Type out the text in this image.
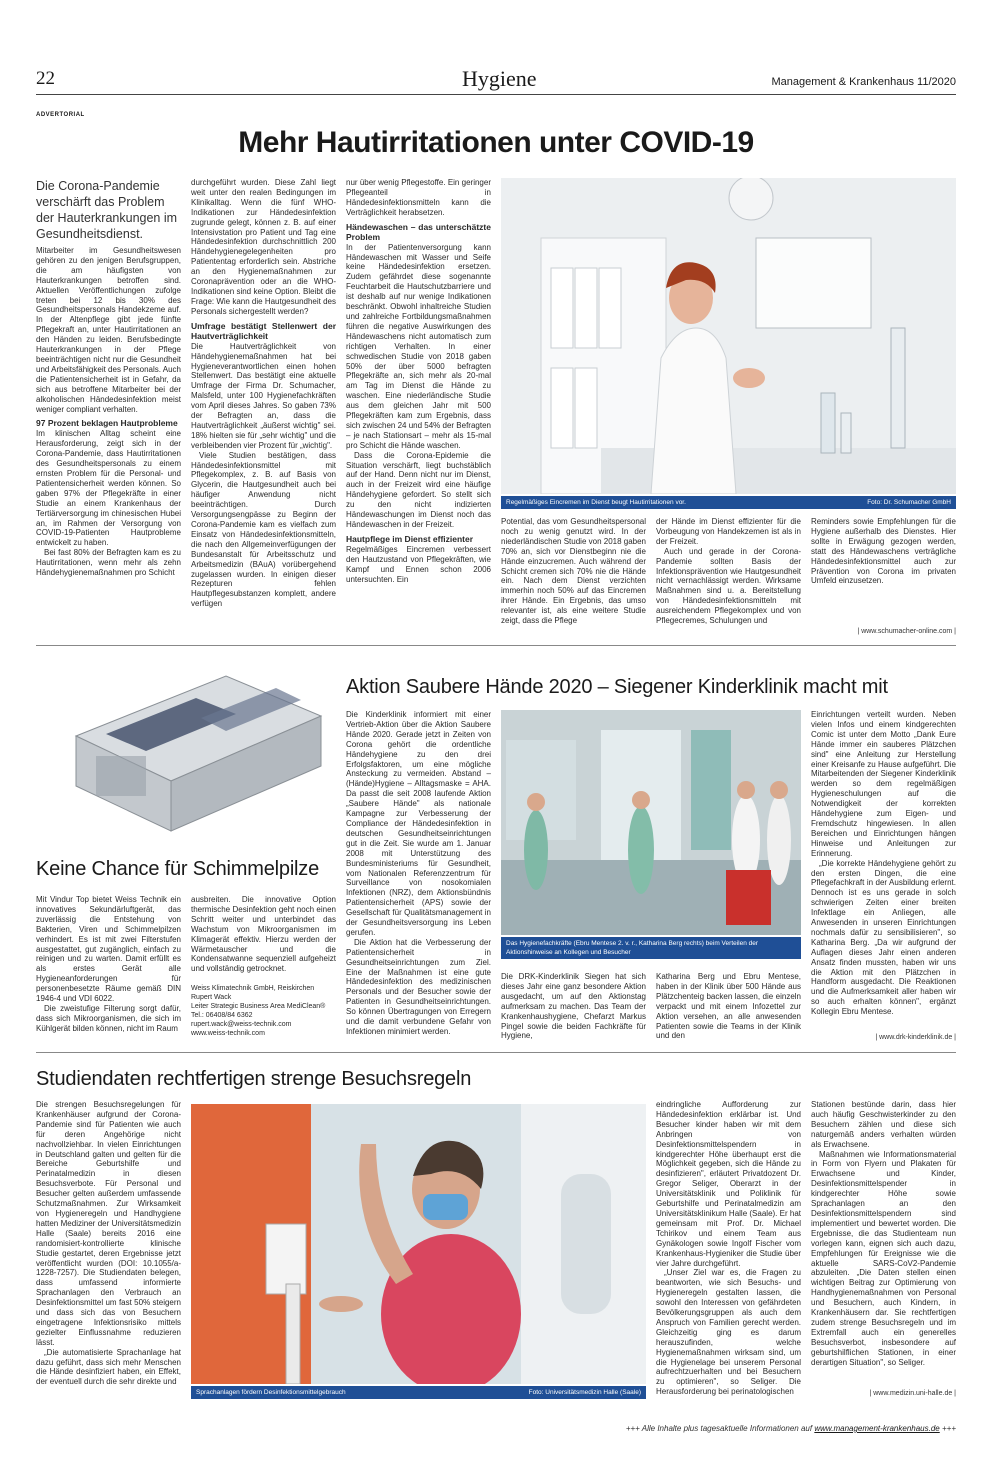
22	Hygiene	Management & Krankenhaus 11/2020
ADVERTORIAL
Mehr Hautirritationen unter COVID-19
Die Corona-Pandemie verschärft das Problem der Hauterkrankungen im Gesundheitsdienst.

Mitarbeiter im Gesundheitswesen gehören zu den jenigen Berufsgruppen, die am häufigsten von Hauterkrankungen betroffen sind. Aktuellen Veröffentlichungen zufolge treten bei 12 bis 30% des Gesundheitspersonals Handekzeme auf. In der Altenpflege gibt jede fünfte Pflegekraft an, unter Hautirritationen an den Händen zu leiden. Berufsbedingte Hauterkrankungen in der Pflege beeinträchtigen nicht nur die Gesundheit und Arbeitsfähigkeit des Personals. Auch die Patientensicherheit ist in Gefahr, da sich aus betroffene Mitarbeiter bei der alkoholischen Händedesinfektion meist weniger compliant verhalten.

97 Prozent beklagen Hautprobleme

Im klinischen Alltag scheint eine Herausforderung, zeigt sich in der Corona-Pandemie, dass Hautirritationen des Gesundheitspersonals zu einem ernsten Problem für die Personal- und Patientensicherheit werden können. So gaben 97% der Pflegekräfte in einer Studie an einem Krankenhaus der Tertiärversorgung im chinesischen Hubei an, im Rahmen der Versorgung von COVID-19-Patienten Hautprobleme entwickelt zu haben.

Bei fast 80% der Befragten kam es zu Hautirritationen, wenn mehr als zehn Händehygienemaßnahmen pro Schicht

durchgeführt wurden. Diese Zahl liegt weit unter den realen Bedingungen im Klinikalltag. Wenn die fünf WHO-Indikationen zur Händedesinfektion zugrunde gelegt, können z. B. auf einer Intensivstation pro Patient und Tag eine Händedesinfektion durchschnittlich 200 Händehygienegelegenheiten pro Patiententag erforderlich sein. Abstriche an den Hygienemaßnahmen zur Coronaprävention oder an die WHO-Indikationen sind keine Option. Bleibt die Frage: Wie kann die Hautgesundheit des Personals sichergestellt werden?

Umfrage bestätigt Stellenwert der Hautverträglichkeit

Die Hautverträglichkeit von Händehygienemaßnahmen hat bei Hygieneverantwortlichen einen hohen Stellenwert. Das bestätigt eine aktuelle Umfrage der Firma Dr. Schumacher, Malsfeld, unter 100 Hygienefachkräften vom April dieses Jahres. So gaben 73% der Befragten an, dass die Hautverträglichkeit „äußerst wichtig" sei. 18% hielten sie für „sehr wichtig" und die verbleibenden vier Prozent für „wichtig".

Viele Studien bestätigen, dass Händedesinfektionsmittel mit Pflegekomplex, z. B. auf Basis von Glycerin, die Hautgesundheit auch bei häufiger Anwendung nicht beeinträchtigen. Durch Versorgungsengpässe zu Beginn der Corona-Pandemie kam es vielfach zum Einsatz von Händedesinfektionsmitteln, die nach den Allgemeinverfügungen der Bundesanstalt für Arbeitsschutz und Arbeitsmedizin (BAuA) vorübergehend zugelassen wurden. In einigen dieser Rezepturen fehlen Hautpflegesubstanzen komplett, andere verfügen

nur über wenig Pflegestoffe. Ein geringer Pflegeanteil in Händedesinfektionsmitteln kann die Verträglichkeit herabsetzen.

Händewaschen – das unterschätzte Problem

In der Patientenversorgung kann Händewaschen mit Wasser und Seife keine Händedesinfektion ersetzen. Zudem gefährdet diese sogenannte Feuchtarbeit die Hautschutzbarriere und ist deshalb auf nur wenige Indikationen beschränkt. Obwohl inhaltreiche Studien und zahlreiche Fortbildungsmaßnahmen führen die negative Auswirkungen des Händewaschens nicht automatisch zum richtigen Verhalten. In einer schwedischen Studie von 2018 gaben 50% der über 5000 befragten Pflegekräfte an, sich mehr als 20-mal am Tag im Dienst die Hände zu waschen. Eine niederländische Studie aus dem gleichen Jahr mit 500 Pflegekräften kam zum Ergebnis, dass sich zwischen 24 und 54% der Befragten – je nach Stationsart – mehr als 15-mal pro Schicht die Hände waschen.

Dass die Corona-Epidemie die Situation verschärft, liegt buchstäblich auf der Hand. Denn nicht nur im Dienst, auch in der Freizeit wird eine häufige Händehygiene gefordert. So stellt sich zu den nicht indizierten Händewaschungen im Dienst noch das Händewaschen in der Freizeit.

Hautpflege im Dienst effizienter

Regelmäßiges Eincremen verbessert den Hautzustand von Pflegekräften, wie Kampf und Ennen schon 2006 untersuchten. Ein

Regelmäßiges Eincremen im Dienst beugt Hautirritationen vor.	Foto: Dr. Schumacher GmbH

Potential, das vom Gesundheitspersonal noch zu wenig genutzt wird. In der niederländischen Studie von 2018 gaben 70% an, sich vor Dienstbeginn nie die Hände einzucremen. Auch während der Schicht cremen sich 70% nie die Hände ein. Nach dem Dienst verzichten immerhin noch 50% auf das Eincremen ihrer Hände. Ein Ergebnis, das umso relevanter ist, als eine weitere Studie zeigt, dass die Pflege

der Hände im Dienst effizienter für die Vorbeugung von Handekzemen ist als in der Freizeit.

Auch und gerade in der Corona-Pandemie sollten Basis der Infektionsprävention wie Hautgesundheit nicht vernachlässigt werden. Wirksame Maßnahmen sind u. a. Bereitstellung von Händedesinfektionsmitteln mit ausreichendem Pflegekomplex und von Pflegecremes, Schulungen und

Reminders sowie Empfehlungen für die Hygiene außerhalb des Dienstes. Hier sollte in Erwägung gezogen werden, statt des Händewaschens verträgliche Händedesinfektionsmittel auch zur Prävention von Corona im privaten Umfeld einzusetzen.

| www.schumacher-online.com |
Keine Chance für Schimmelpilze

Mit Vindur Top bietet Weiss Technik ein innovatives Sekundärluftgerät, das zuverlässig die Entstehung von Bakterien, Viren und Schimmelpilzen verhindert. Es ist mit zwei Filterstufen ausgestattet, gut zugänglich, einfach zu reinigen und zu warten. Damit erfüllt es als erstes Gerät alle Hygieneanforderungen für personenbesetzte Räume gemäß DIN 1946-4 und VDI 6022.

Die zweistufige Filterung sorgt dafür, dass sich Mikroorganismen, die sich im Kühlgerät bilden können, nicht im Raum

ausbreiten. Die innovative Option thermische Desinfektion geht noch einen Schritt weiter und unterbindet das Wachstum von Mikroorganismen im Klimagerät effektiv. Hierzu werden der Wärmetauscher und die Kondensatwanne sequenziell aufgeheizt und vollständig getrocknet.

Weiss Klimatechnik GmbH, Reiskirchen
Rupert Wack
Leiter Strategic Business Area MediClean®
Tel.: 06408/84 6362
rupert.wack@weiss-technik.com
www.weiss-technik.com
Aktion Saubere Hände 2020 – Siegener Kinderklinik macht mit

Die Kinderklinik informiert mit einer Vertrieb-Aktion über die Aktion Saubere Hände 2020. Gerade jetzt in Zeiten von Corona gehört die ordentliche Händehygiene zu den drei Erfolgsfaktoren, um eine mögliche Ansteckung zu vermeiden. Abstand – (Hände)Hygiene – Alltagsmaske = AHA. Da passt die seit 2008 laufende Aktion „Saubere Hände" als nationale Kampagne zur Verbesserung der Compliance der Händedesinfektion in deutschen Gesundheitseinrichtungen gut in die Zeit. Sie wurde am 1. Januar 2008 mit Unterstützung des Bundesministeriums für Gesundheit, vom Nationalen Referenzzentrum für Surveillance von nosokomialen Infektionen (NRZ), dem Aktionsbündnis Patientensicherheit (APS) sowie der Gesellschaft für Qualitätsmanagement in der Gesundheitsversorgung ins Leben gerufen.

Die Aktion hat die Verbesserung der Patientensicherheit in Gesundheitseinrichtungen zum Ziel. Eine der Maßnahmen ist eine gute Händedesinfektion des medizinischen Personals und der Besucher sowie der Patienten in Gesundheitseinrichtungen. So können Übertragungen von Erregern und die damit verbundene Gefahr von Infektionen minimiert werden.

Das Hygienefachkräfte (Ebru Mentese 2. v. r., Katharina Berg rechts) beim Verteilen der Aktionshinweise an Kollegen und Besucher

Die DRK-Kinderklinik Siegen hat sich dieses Jahr eine ganz besondere Aktion ausgedacht, um auf den Aktionstag aufmerksam zu machen. Das Team der Krankenhaushygiene, Chefarzt Markus Pingel sowie die beiden Fachkräfte für Hygiene,

Katharina Berg und Ebru Mentese, haben in der Klinik über 500 Hände aus Plätzchenteig backen lassen, die einzeln verpackt und mit einem Infozettel zur Aktion versehen, an alle anwesenden Patienten sowie die Teams in der Klinik und den

Einrichtungen verteilt wurden. Neben vielen Infos und einem kindgerechten Comic ist unter dem Motto „Dank Eure Hände immer ein sauberes Plätzchen sind" eine Anleitung zur Herstellung einer Kreisanfe zu Hause aufgeführt. Die Mitarbeitenden der Siegener Kinderklinik werden so dem regelmäßigen Hygieneschulungen auf die Notwendigkeit der korrekten Händehygiene zum Eigen- und Fremdschutz hingewiesen. In allen Bereichen und Einrichtungen hängen Hinweise und Anleitungen zur Erinnerung.

„Die korrekte Händehygiene gehört zu den ersten Dingen, die eine Pflegefachkraft in der Ausbildung erlernt. Dennoch ist es uns gerade in solch schwierigen Zeiten einer breiten Infektlage ein Anliegen, alle Anwesenden in unseren Einrichtungen nochmals dafür zu sensibilisieren", so Katharina Berg. „Da wir aufgrund der Auflagen dieses Jahr einen anderen Ansatz finden mussten, haben wir uns die Aktion mit den Plätzchen in Handform ausgedacht. Die Reaktionen und die Aufmerksamkeit aller haben wir so auch erhalten können", ergänzt Kollegin Ebru Mentese.

| www.drk-kinderklinik.de |
Studiendaten rechtfertigen strenge Besuchsregeln

Die strengen Besuchsregelungen für Krankenhäuser aufgrund der Corona-Pandemie sind für Patienten wie auch für deren Angehörige nicht nachvollziehbar. In vielen Einrichtungen in Deutschland galten und gelten für die Bereiche Geburtshilfe und Perinatalmedizin in diesen Besuchsverbote. Für Personal und Besucher gelten außerdem umfassende Schutzmaßnahmen. Zur Wirksamkeit von Hygieneregeln und Handhygiene hatten Mediziner der Universitätsmedizin Halle (Saale) bereits 2016 eine randomisiert-kontrollierte klinische Studie gestartet, deren Ergebnisse jetzt veröffentlicht wurden (DOI: 10.1055/a-1228-7257). Die Studiendaten belegen, dass umfassend informierte Sprachanlagen den Verbrauch an Desinfektionsmittel um fast 50% steigern und dass sich das von Besuchern eingetragene Infektionsrisiko mittels gezielter Einflussnahme reduzieren lässt.

„Die automatisierte Sprachanlage hat dazu geführt, dass sich mehr Menschen die Hände desinfiziert haben, ein Effekt, der eventuell durch die sehr direkte und

Sprachanlagen fördern Desinfektionsmittelgebrauch	Foto: Universitätsmedizin Halle (Saale)

eindringliche Aufforderung zur Händedesinfektion erklärbar ist. Und Besucher kinder haben wir mit dem Anbringen von Desinfektionsmittelspendern in kindgerechter Höhe überhaupt erst die Möglichkeit gegeben, sich die Hände zu desinfizieren", erläutert Privatdozent Dr. Gregor Seliger, Oberarzt in der Universitätsklinik und Poliklinik für Geburtshilfe und Perinatalmedizin am Universitätsklinikum Halle (Saale). Er hat gemeinsam mit Prof. Dr. Michael Tchirikov und einem Team aus Gynäkologen sowie Ingolf Fischer vom Krankenhaus-Hygieniker die Studie über vier Jahre durchgeführt.

„Unser Ziel war es, die Fragen zu beantworten, wie sich Besuchs- und Hygieneregeln gestalten lassen, die sowohl den Interessen von gefährdeten Bevölkerungsgruppen als auch dem Anspruch von Familien gerecht werden. Gleichzeitig ging es darum herauszufinden, welche Hygienemaßnahmen wirksam sind, um die Hygienelage bei unserem Personal aufrechtzuerhalten und bei Besuchern zu optimieren", so Seliger. Die Herausforderung bei perinatologischen

Stationen bestünde darin, dass hier auch häufig Geschwisterkinder zu den Besuchern zählen und diese sich naturgemäß anders verhalten würden als Erwachsene.

Maßnahmen wie Informationsmaterial in Form von Flyern und Plakaten für Erwachsene und Kinder, Desinfektionsmittelspender in kindgerechter Höhe sowie Sprachanlagen an den Desinfektionsmittelspendern sind implementiert und bewertet worden. Die Ergebnisse, die das Studienteam nun vorlegen kann, eignen sich auch dazu, Empfehlungen für Ereignisse wie die aktuelle SARS-CoV2-Pandemie abzuleiten. „Die Daten stellen einen wichtigen Beitrag zur Optimierung von Handhygienemaßnahmen von Personal und Besuchern, auch Kindern, in Krankenhäusern dar. Sie rechtfertigen zudem strenge Besuchsregeln und im Extremfall auch ein generelles Besuchsverbot, insbesondere auf geburtshilflichen Stationen, in einer derartigen Situation", so Seliger.

| www.medizin.uni-halle.de |
+++ Alle Inhalte plus tagesaktuelle Informationen auf www.management-krankenhaus.de +++
